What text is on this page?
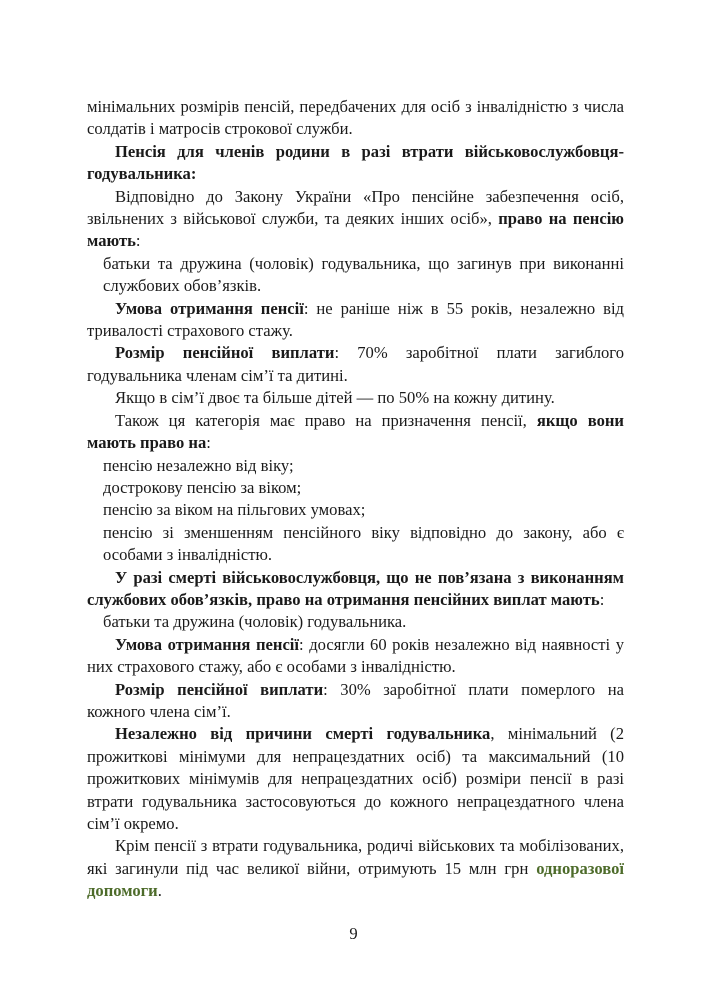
мінімальних розмірів пенсій, передбачених для осіб з інвалідністю з числа солдатів і матросів строкової служби.

Пенсія для членів родини в разі втрати військовослужбовця-годувальника:

Відповідно до Закону України «Про пенсійне забезпечення осіб, звільнених з військової служби, та деяких інших осіб», право на пенсію мають:

батьки та дружина (чоловік) годувальника, що загинув при виконанні службових обов’язків.

Умова отримання пенсії: не раніше ніж в 55 років, незалежно від тривалості страхового стажу.

Розмір пенсійної виплати: 70% заробітної плати загиблого годувальника членам сім’ї та дитині.

Якщо в сім’ї двоє та більше дітей — по 50% на кожну дитину.

Також ця категорія має право на призначення пенсії, якщо вони мають право на:

пенсію незалежно від віку;

дострокову пенсію за віком;

пенсію за віком на пільгових умовах;

пенсію зі зменшенням пенсійного віку відповідно до закону, або є особами з інвалідністю.

У разі смерті військовослужбовця, що не пов’язана з виконанням службових обов’язків, право на отримання пенсійних виплат мають:

батьки та дружина (чоловік) годувальника.

Умова отримання пенсії: досягли 60 років незалежно від наявності у них страхового стажу, або є особами з інвалідністю.

Розмір пенсійної виплати: 30% заробітної плати померлого на кожного члена сім’ї.

Незалежно від причини смерті годувальника, мінімальний (2 прожиткові мінімуми для непрацездатних осіб) та максимальний (10 прожиткових мінімумів для непрацездатних осіб) розміри пенсії в разі втрати годувальника застосовуються до кожного непрацездатного члена сім’ї окремо.

Крім пенсії з втрати годувальника, родичі військових та мобілізованих, які загинули під час великої війни, отримують 15 млн грн одноразової допомоги.

9
